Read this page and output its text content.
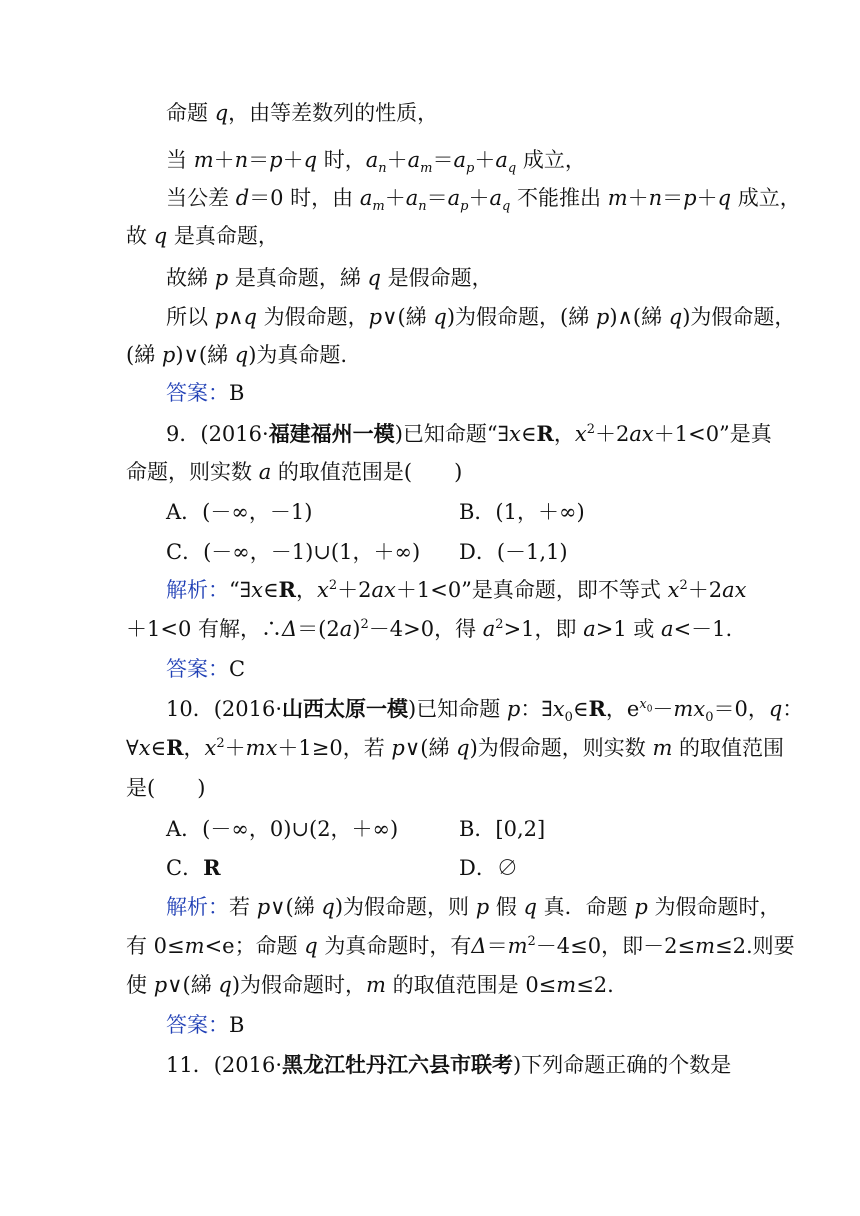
命题 q，由等差数列的性质，
当 m＋n＝p＋q 时，$a_n+a_m=a_p+a_q$ 成立，
当公差 d＝0 时，由 $a_m+a_n=a_p+a_q$ 不能推出 m＋n＝p＋q 成立，
故 q 是真命题，
故綈 p 是真命题，綈 q 是假命题，
所以 p∧q 为假命题，p∨(綈 q)为假命题，(綈 p)∧(綈 q)为假命题，
(綈 p)∨(綈 q)为真命题.
答案：B
9．(2016·福建福州一模)已知命题“∃x∈R，$x^2+2ax+1<0$”是真
命题，则实数 a 的取值范围是(　　)
A．(－∞，－1)	B．(1，＋∞)
C．(－∞，－1)∪(1，＋∞) D．(－1,1)
解析：“∃x∈R，$x^2+2ax+1<0$”是真命题，即不等式 $x^2+2ax$
＋1<0 有解，$\therefore\Delta=(2a)^2-4>0$，得 $a^2>1$，即 a>1 或 a<－1.
答案：C
10．(2016·山西太原一模)已知命题 p：$\exists x_0\in R$，$e^{x_0}-mx_0=0$，q：
∀x∈R，$x^2+mx+1\ge 0$，若 p∨(綈 q)为假命题，则实数 m 的取值范围
是(　　)
A．(－∞，0)∪(2，＋∞)	B．[0,2]
C．R	D．∅
解析：若 p∨(綈 q)为假命题，则 p 假 q 真．命题 p 为假命题时，
有 0≤m<e；命题 q 为真命题时，有$\Delta=m^2-4\le 0$，即－2≤m≤2.则要
使 p∨(綈 q)为假命题时，m 的取值范围是 0≤m≤2.
答案：B
11．(2016·黑龙江牡丹江六县市联考)下列命题正确的个数是
